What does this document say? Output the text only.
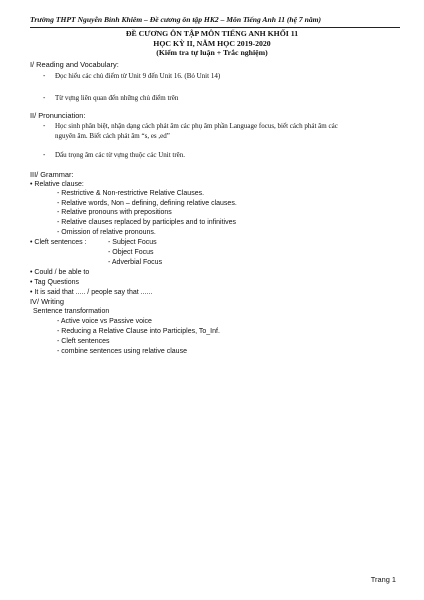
Trường THPT Nguyễn Bỉnh Khiêm – Đề cương ôn tập HK2 – Môn Tiếng Anh 11 (hệ 7 năm)
ĐỀ CƯƠNG ÔN TẬP MÔN TIẾNG ANH KHỐI 11
HỌC KỲ II, NĂM HỌC 2019-2020
(Kiểm tra tự luận + Trắc nghiệm)
I/ Reading and Vocabulary:
- Đọc hiểu các chủ điểm từ Unit 9 đến Unit 16. (Bỏ Unit 14)
- Từ vựng liên quan đến những chủ điểm trên
II/ Pronunciation:
- Học sinh phân biệt, nhận dạng cách phát âm các phụ âm phần Language focus, biết cách phát âm các
nguyên âm. Biết cách phát âm “s, es ,ed”
- Dấu trọng âm các từ vựng thuộc các Unit trên.
III/ Grammar:
• Relative clause:
- Restrictive & Non-restrictive Relative Clauses.
- Relative words, Non – defining, defining relative clauses.
- Relative pronouns with prepositions
- Relative clauses replaced by participles and to infinitives
- Omission of relative pronouns.
• Cleft sentences :	- Subject Focus
- Object Focus
- Adverbial Focus
• Could / be able to
• Tag Questions
• It is said that ..... / people say that ......
IV/ Writing
Sentence transformation
- Active voice vs Passive voice
- Reducing a Relative Clause into Participles, To_Inf.
- Cleft sentences
- combine sentences using relative clause
Trang 1
